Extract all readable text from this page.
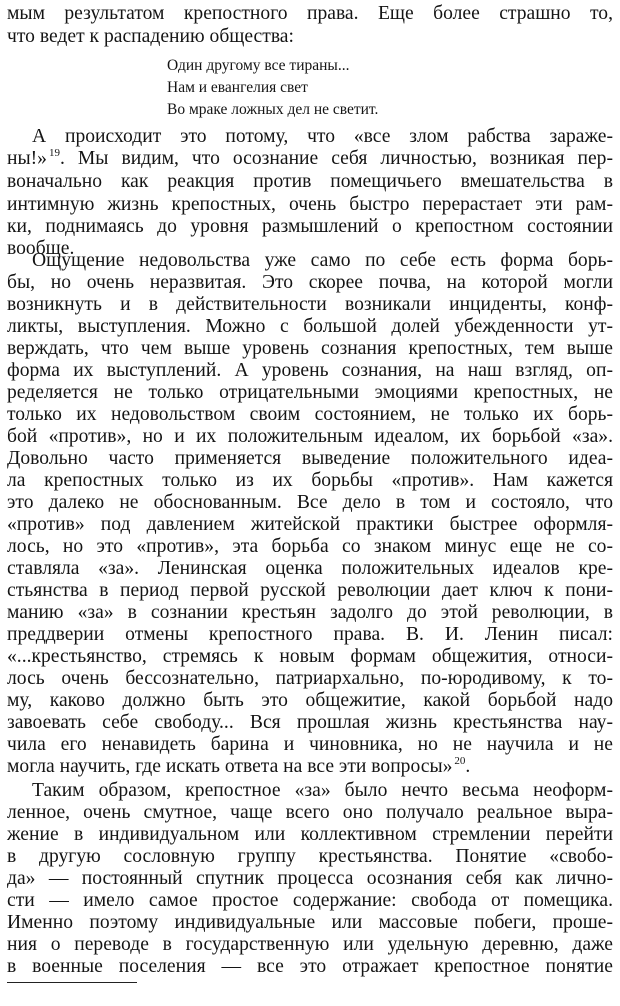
мым результатом крепостного права. Еще более страшно то,
что ведет к распадению общества:
Один другому все тираны...
Нам и евангелия свет
Во мраке ложных дел не светит.
А происходит это потому, что «все злом рабства зараже-
ны!» $^{19}$. Мы видим, что осознание себя личностью, возникая пер-
воначально как реакция против помещичьего вмешательства в
интимную жизнь крепостных, очень быстро перерастает эти рам-
ки, поднимаясь до уровня размышлений о крепостном состоянии
вообще.
Ощущение недовольства уже само по себе есть форма борь-
бы, но очень неразвитая. Это скорее почва, на которой могли
возникнуть и в действительности возникали инциденты, конф-
ликты, выступления. Можно с большой долей убежденности ут-
верждать, что чем выше уровень сознания крепостных, тем выше
форма их выступлений. А уровень сознания, на наш взгляд, оп-
ределяется не только отрицательными эмоциями крепостных, не
только их недовольством своим состоянием, не только их борь-
бой «против», но и их положительным идеалом, их борьбой «за».
Довольно часто применяется выведение положительного идеа-
ла крепостных только из их борьбы «против». Нам кажется
это далеко не обоснованным. Все дело в том и состояло, что
«против» под давлением житейской практики быстрее оформля-
лось, но это «против», эта борьба со знаком минус еще не со-
ставляла «за». Ленинская оценка положительных идеалов кре-
стьянства в период первой русской революции дает ключ к пони-
манию «за» в сознании крестьян задолго до этой революции, в
преддверии отмены крепостного права. В. И. Ленин писал:
«...крестьянство, стремясь к новым формам общежития, относи-
лось очень бессознательно, патриархально, по-юродивому, к то-
му, каково должно быть это общежитие, какой борьбой надо
завоевать себе свободу... Вся прошлая жизнь крестьянства нау-
чила его ненавидеть барина и чиновника, но не научила и не
могла научить, где искать ответа на все эти вопросы» $^{20}$.
Таким образом, крепостное «за» было нечто весьма неоформ-
ленное, очень смутное, чаще всего оно получало реальное выра-
жение в индивидуальном или коллективном стремлении перейти
в другую сословную группу крестьянства. Понятие «свобо-
да» — постоянный спутник процесса осознания себя как лично-
сти — имело самое простое содержание: свобода от помещика.
Именно поэтому индивидуальные или массовые побеги, проше-
ния о переводе в государственную или удельную деревню, даже
в военные поселения — все это отражает крепостное понятие
